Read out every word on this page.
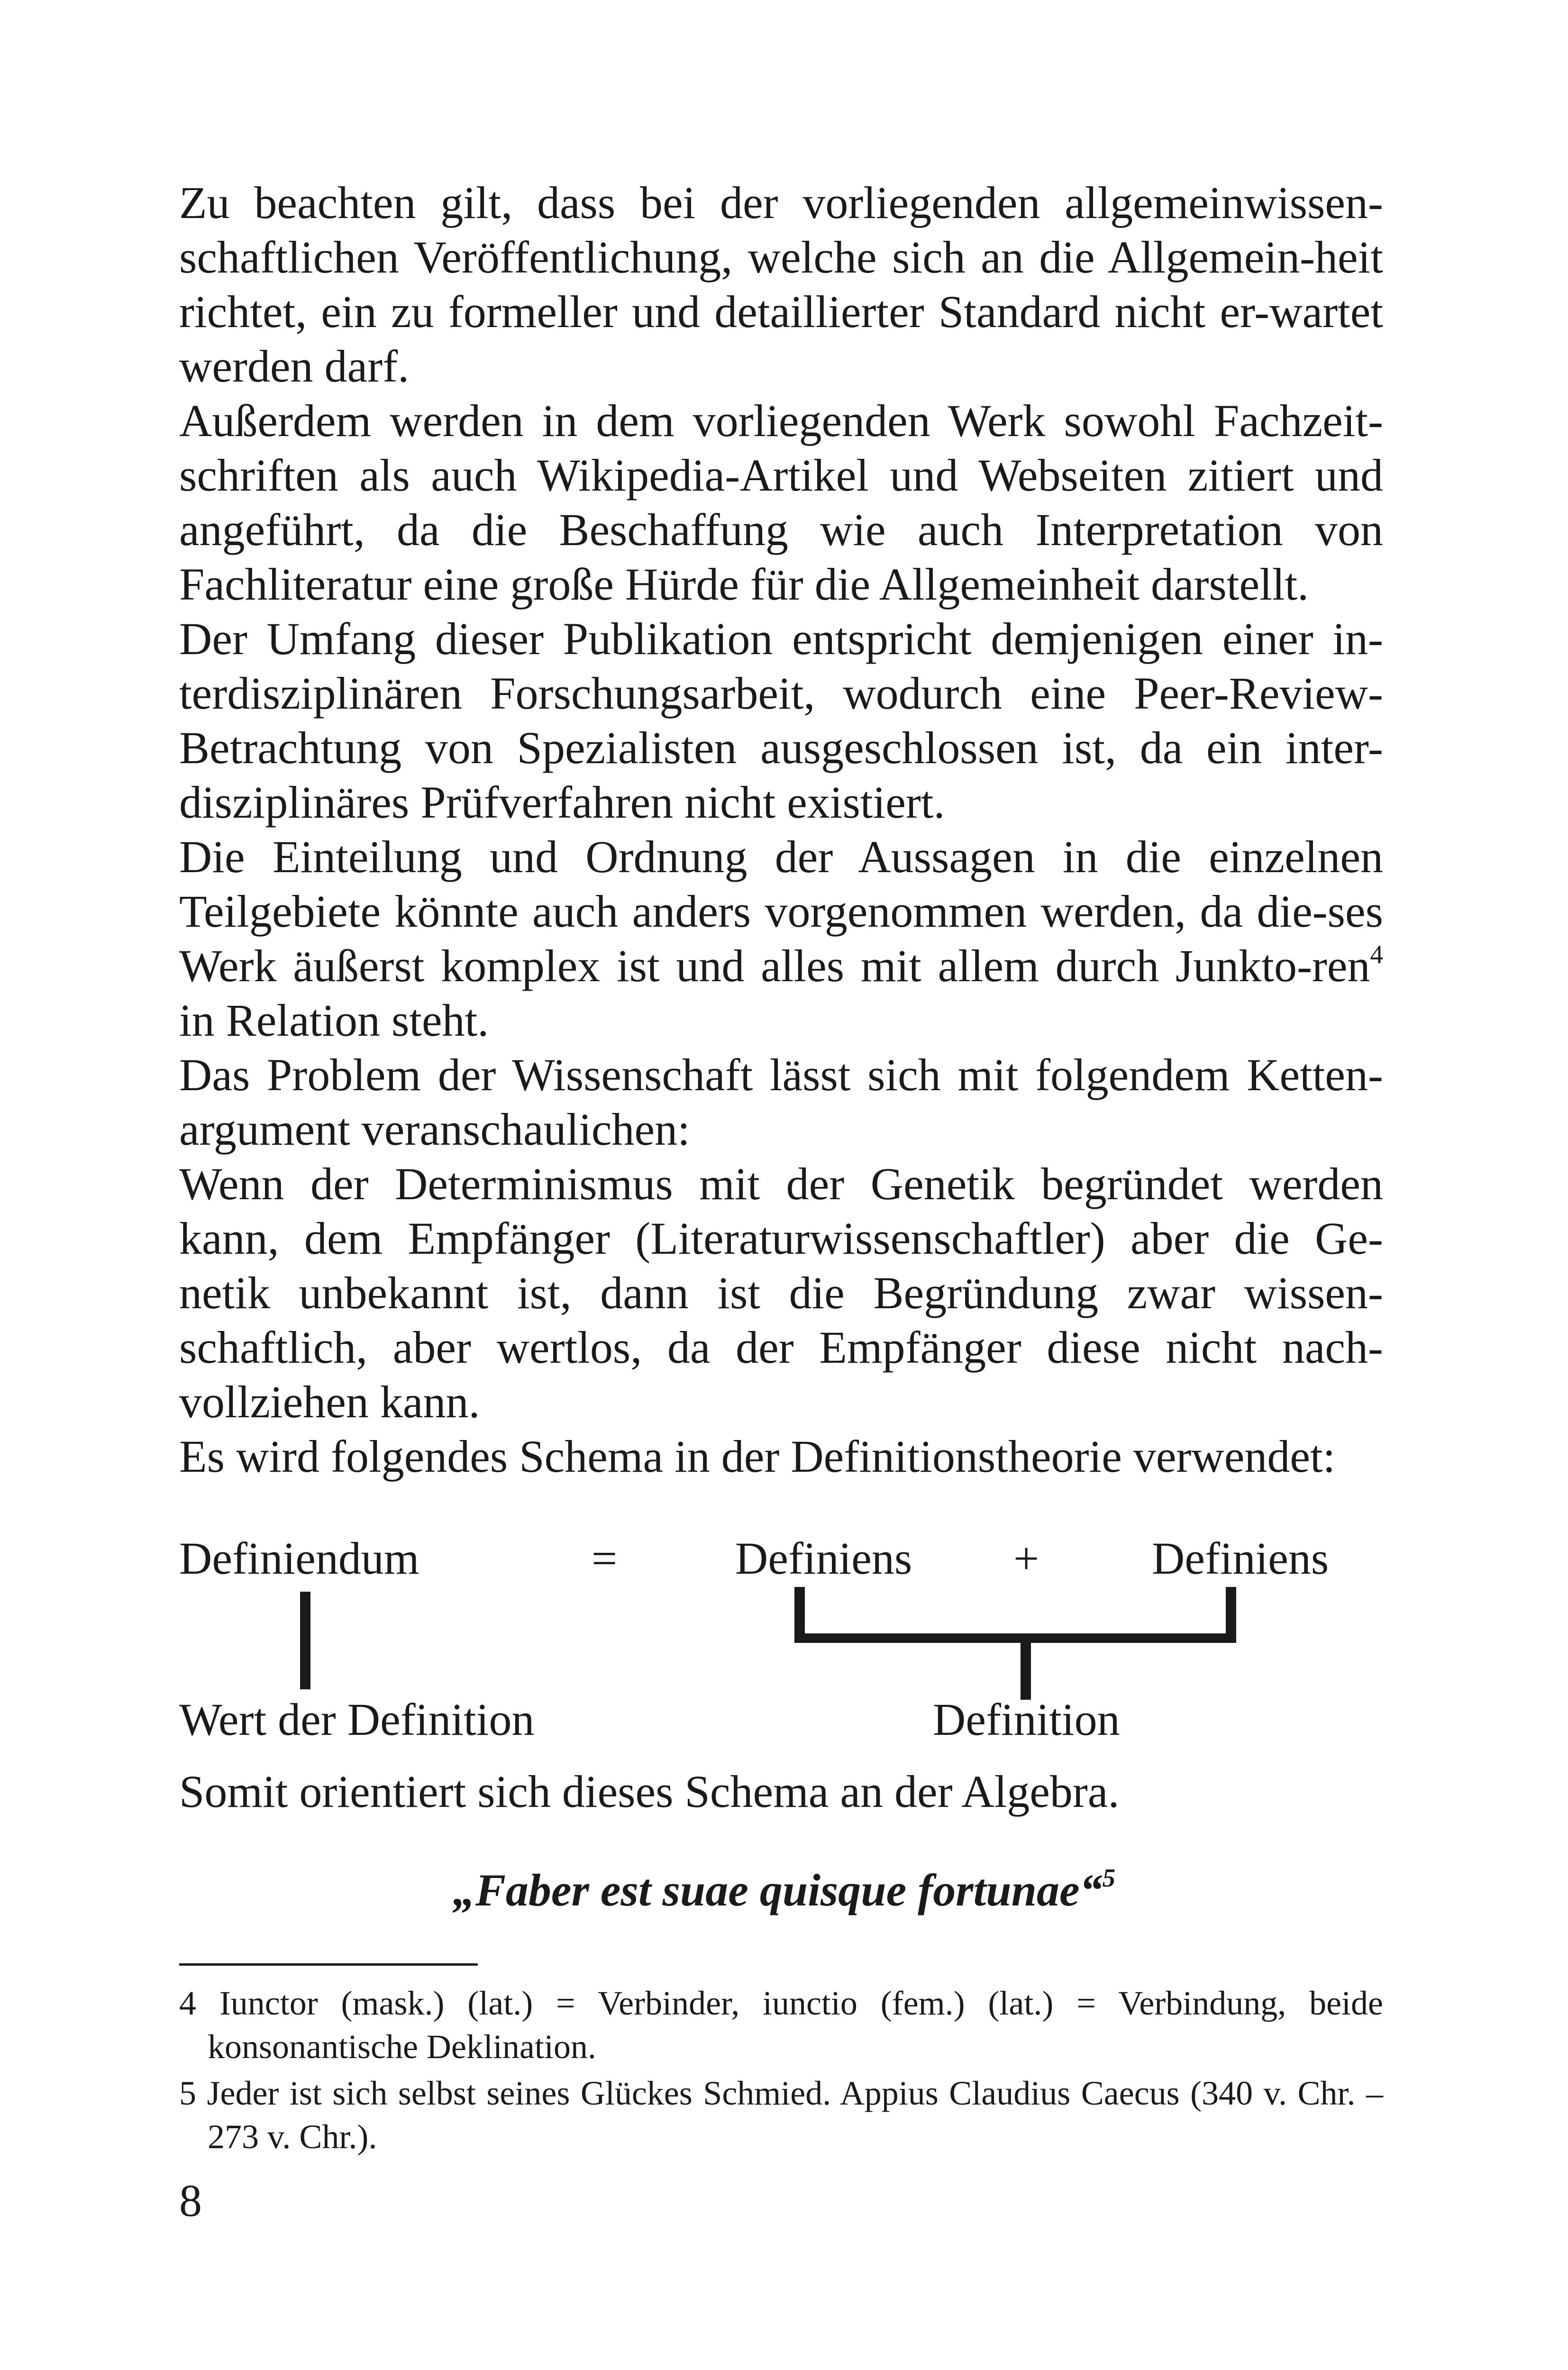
Zu beachten gilt, dass bei der vorliegenden allgemeinwissen-schaftlichen Veröffentlichung, welche sich an die Allgemein-heit richtet, ein zu formeller und detaillierter Standard nicht er-wartet werden darf.

Außerdem werden in dem vorliegenden Werk sowohl Fachzeit-schriften als auch Wikipedia-Artikel und Webseiten zitiert und angeführt, da die Beschaffung wie auch Interpretation von Fachliteratur eine große Hürde für die Allgemeinheit darstellt.

Der Umfang dieser Publikation entspricht demjenigen einer in-terdisziplinären Forschungsarbeit, wodurch eine Peer-Review-Betrachtung von Spezialisten ausgeschlossen ist, da ein inter-disziplinäres Prüfverfahren nicht existiert.

Die Einteilung und Ordnung der Aussagen in die einzelnen Teilgebiete könnte auch anders vorgenommen werden, da die-ses Werk äußerst komplex ist und alles mit allem durch Junkto-ren$^4$ in Relation steht.

Das Problem der Wissenschaft lässt sich mit folgendem Ketten-argument veranschaulichen:

Wenn der Determinismus mit der Genetik begründet werden kann, dem Empfänger (Literaturwissenschaftler) aber die Ge-netik unbekannt ist, dann ist die Begründung zwar wissen-schaftlich, aber wertlos, da der Empfänger diese nicht nach-vollziehen kann.

Es wird folgendes Schema in der Definitionstheorie verwendet:

Definiendum	=	Definiens + Definiens
Wert der Definition	Definition
Somit orientiert sich dieses Schema an der Algebra.
„Faber est suae quisque fortunae“$^5$

4 Iunctor (mask.) (lat.) = Verbinder, iunctio (fem.) (lat.) = Verbindung, beide konsonantische Deklination.

5 Jeder ist sich selbst seines Glückes Schmied. Appius Claudius Caecus (340 v. Chr. – 273 v. Chr.).

8
